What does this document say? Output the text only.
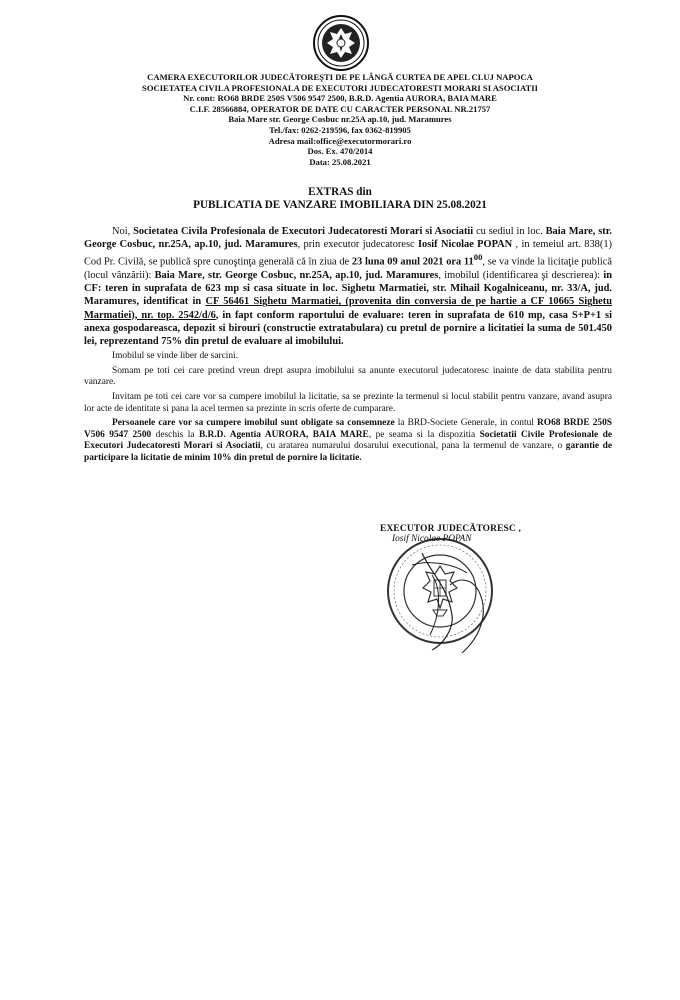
CAMERA EXECUTORILOR JUDECĂTOREŞTI DE PE LÂNGĂ CURTEA DE APEL CLUJ NAPOCA
SOCIETATEA CIVILA PROFESIONALA DE EXECUTORI JUDECATORESTI MORARI SI ASOCIATII
Nr. cont: RO68 BRDE 250S V506 9547 2500, B.R.D. Agentia AURORA, BAIA MARE
C.I.F. 28566884, OPERATOR DE DATE CU CARACTER PERSONAL NR.21757
Baia Mare str. George Cosbuc nr.25A ap.10, jud. Maramures
Tel./fax: 0262-219596, fax 0362-819905
Adresa mail:office@executormorari.ro
Dos. Ex. 470/2014
Data: 25.08.2021
EXTRAS din
PUBLICATIA DE VANZARE IMOBILIARA DIN 25.08.2021

Noi, Societatea Civila Profesionala de Executori Judecatoresti Morari si Asociatii cu sediul in loc. Baia Mare, str. George Cosbuc, nr.25A, ap.10, jud. Maramures, prin executor judecatoresc Iosif Nicolae POPAN , in temeiul art. 838(1) Cod Pr. Civilă, se publică spre cunoştinţa generală că în ziua de 23 luna 09 anul 2021 ora $11^{00}$, se va vinde la licitaţie publică (locul vânzării): Baia Mare, str. George Cosbuc, nr.25A, ap.10, jud. Maramures, imobilul (identificarea şi descrierea): in CF: teren in suprafata de 623 mp si casa situate in loc. Sighetu Marmatiei, str. Mihail Kogalniceanu, nr. 33/A, jud. Maramures, identificat in CF 56461 Sighetu Marmatiei, (provenita din conversia de pe hartie a CF 10665 Sighetu Marmatiei), nr. top. 2542/d/6, in fapt conform raportului de evaluare: teren in suprafata de 610 mp, casa S+P+1 si anexa gospodareasca, depozit si birouri (constructie extratabulara) cu pretul de pornire a licitatiei la suma de 501.450 lei, reprezentand 75% din pretul de evaluare al imobilului.

Imobilul se vinde liber de sarcini.

Somam pe toti cei care pretind vreun drept asupra imobilului sa anunte executorul judecatoresc inainte de data stabilita pentru vanzare.

Invitam pe toti cei care vor sa cumpere imobilul la licitatie, sa se prezinte la termenul si locul stabilit pentru vanzare, avand asupra lor acte de identitate si pana la acel termen sa prezinte in scris oferte de cumparare.

Persoanele care vor sa cumpere imobilul sunt obligate sa consemneze la BRD-Societe Generale, in contul RO68 BRDE 250S V506 9547 2500 deschis la B.R.D. Agentia AURORA, BAIA MARE, pe seama si la dispozitia Societatii Civile Profesionale de Executori Judecatoresti Morari si Asociatii, cu aratarea numarului dosarului executional, pana la termenul de vanzare, o garantie de participare la licitatie de minim 10% din pretul de pornire la licitatie.

EXECUTOR JUDECĂTORESC ,
Iosif Nicolae POPAN
